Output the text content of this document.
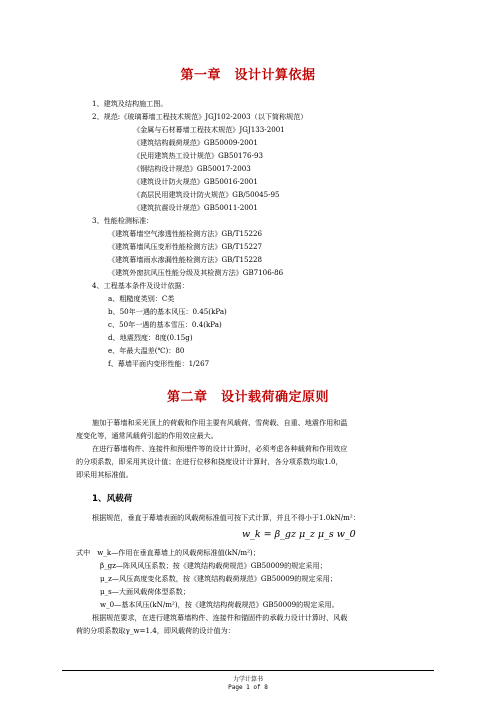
第一章　设计计算依据
1、建筑及结构施工图。
2、规范:《玻璃幕墙工程技术规范》JGJ102-2003（以下简称规范）
《金属与石材幕墙工程技术规范》JGJ133-2001
《建筑结构载荷规范》GB50009-2001
《民用建筑热工设计规范》GB50176-93
《钢结构设计规范》GB50017-2003
《建筑设计防火规范》GB50016-2001
《高层民用建筑设计防火规范》GB/50045-95
《建筑抗震设计规范》GB50011-2001
3、性能检测标准：
《建筑幕墙空气渗透性能检测方法》GB/T15226
《建筑幕墙风压变形性能检测方法》GB/T15227
《建筑幕墙雨水渗漏性能检测方法》GB/T15228
《建筑外窗抗风压性能分级及其检测方法》GB7106-86
4、工程基本条件及设计依据：
a、粗糙度类别：C类
b、50年一遇的基本风压：0.45(kPa)
c、50年一遇的基本雪压：0.4(kPa)
d、地震烈度：8度(0.15g)
e、年最大温差(℃)：80
f、幕墙平面内变形性能：1/267
第二章　设计载荷确定原则
施加于幕墙和采光顶上的荷载和作用主要有风载荷、雪荷载、自重、地震作用和温
度变化等，通常风载荷引起的作用效应最大。
在进行幕墙构件、连接件和预埋件等的设计计算时，必须考虑各种载荷和作用效应
的分项系数，即采用其设计值；在进行位移和挠度设计计算时，各分项系数均取1.0，
即采用其标准值。
1、风载荷
根据规范，垂直于幕墙表面的风载荷标准值可按下式计算，并且不得小于1.0kN/m²：
w_k = β_gz μ_z μ_s w_0
式中　w_k—作用在垂直幕墙上的风载荷标准值(kN/m²)；
β_gz—阵风风压系数；按《建筑结构载荷规范》GB50009的规定采用；
μ_z—风压高度变化系数，按《建筑结构载荷规范》GB50009的规定采用；
μ_s—大面风载荷体型系数；
w_0—基本风压(kN/m²)，按《建筑结构荷载规范》GB50009的规定采用。
根据规范要求，在进行建筑幕墙构件、连接件和锚固件的承载力设计计算时，风载
荷的分项系数取γ_w=1.4，即风载荷的设计值为：
力学计算书
Page 1 of 8
